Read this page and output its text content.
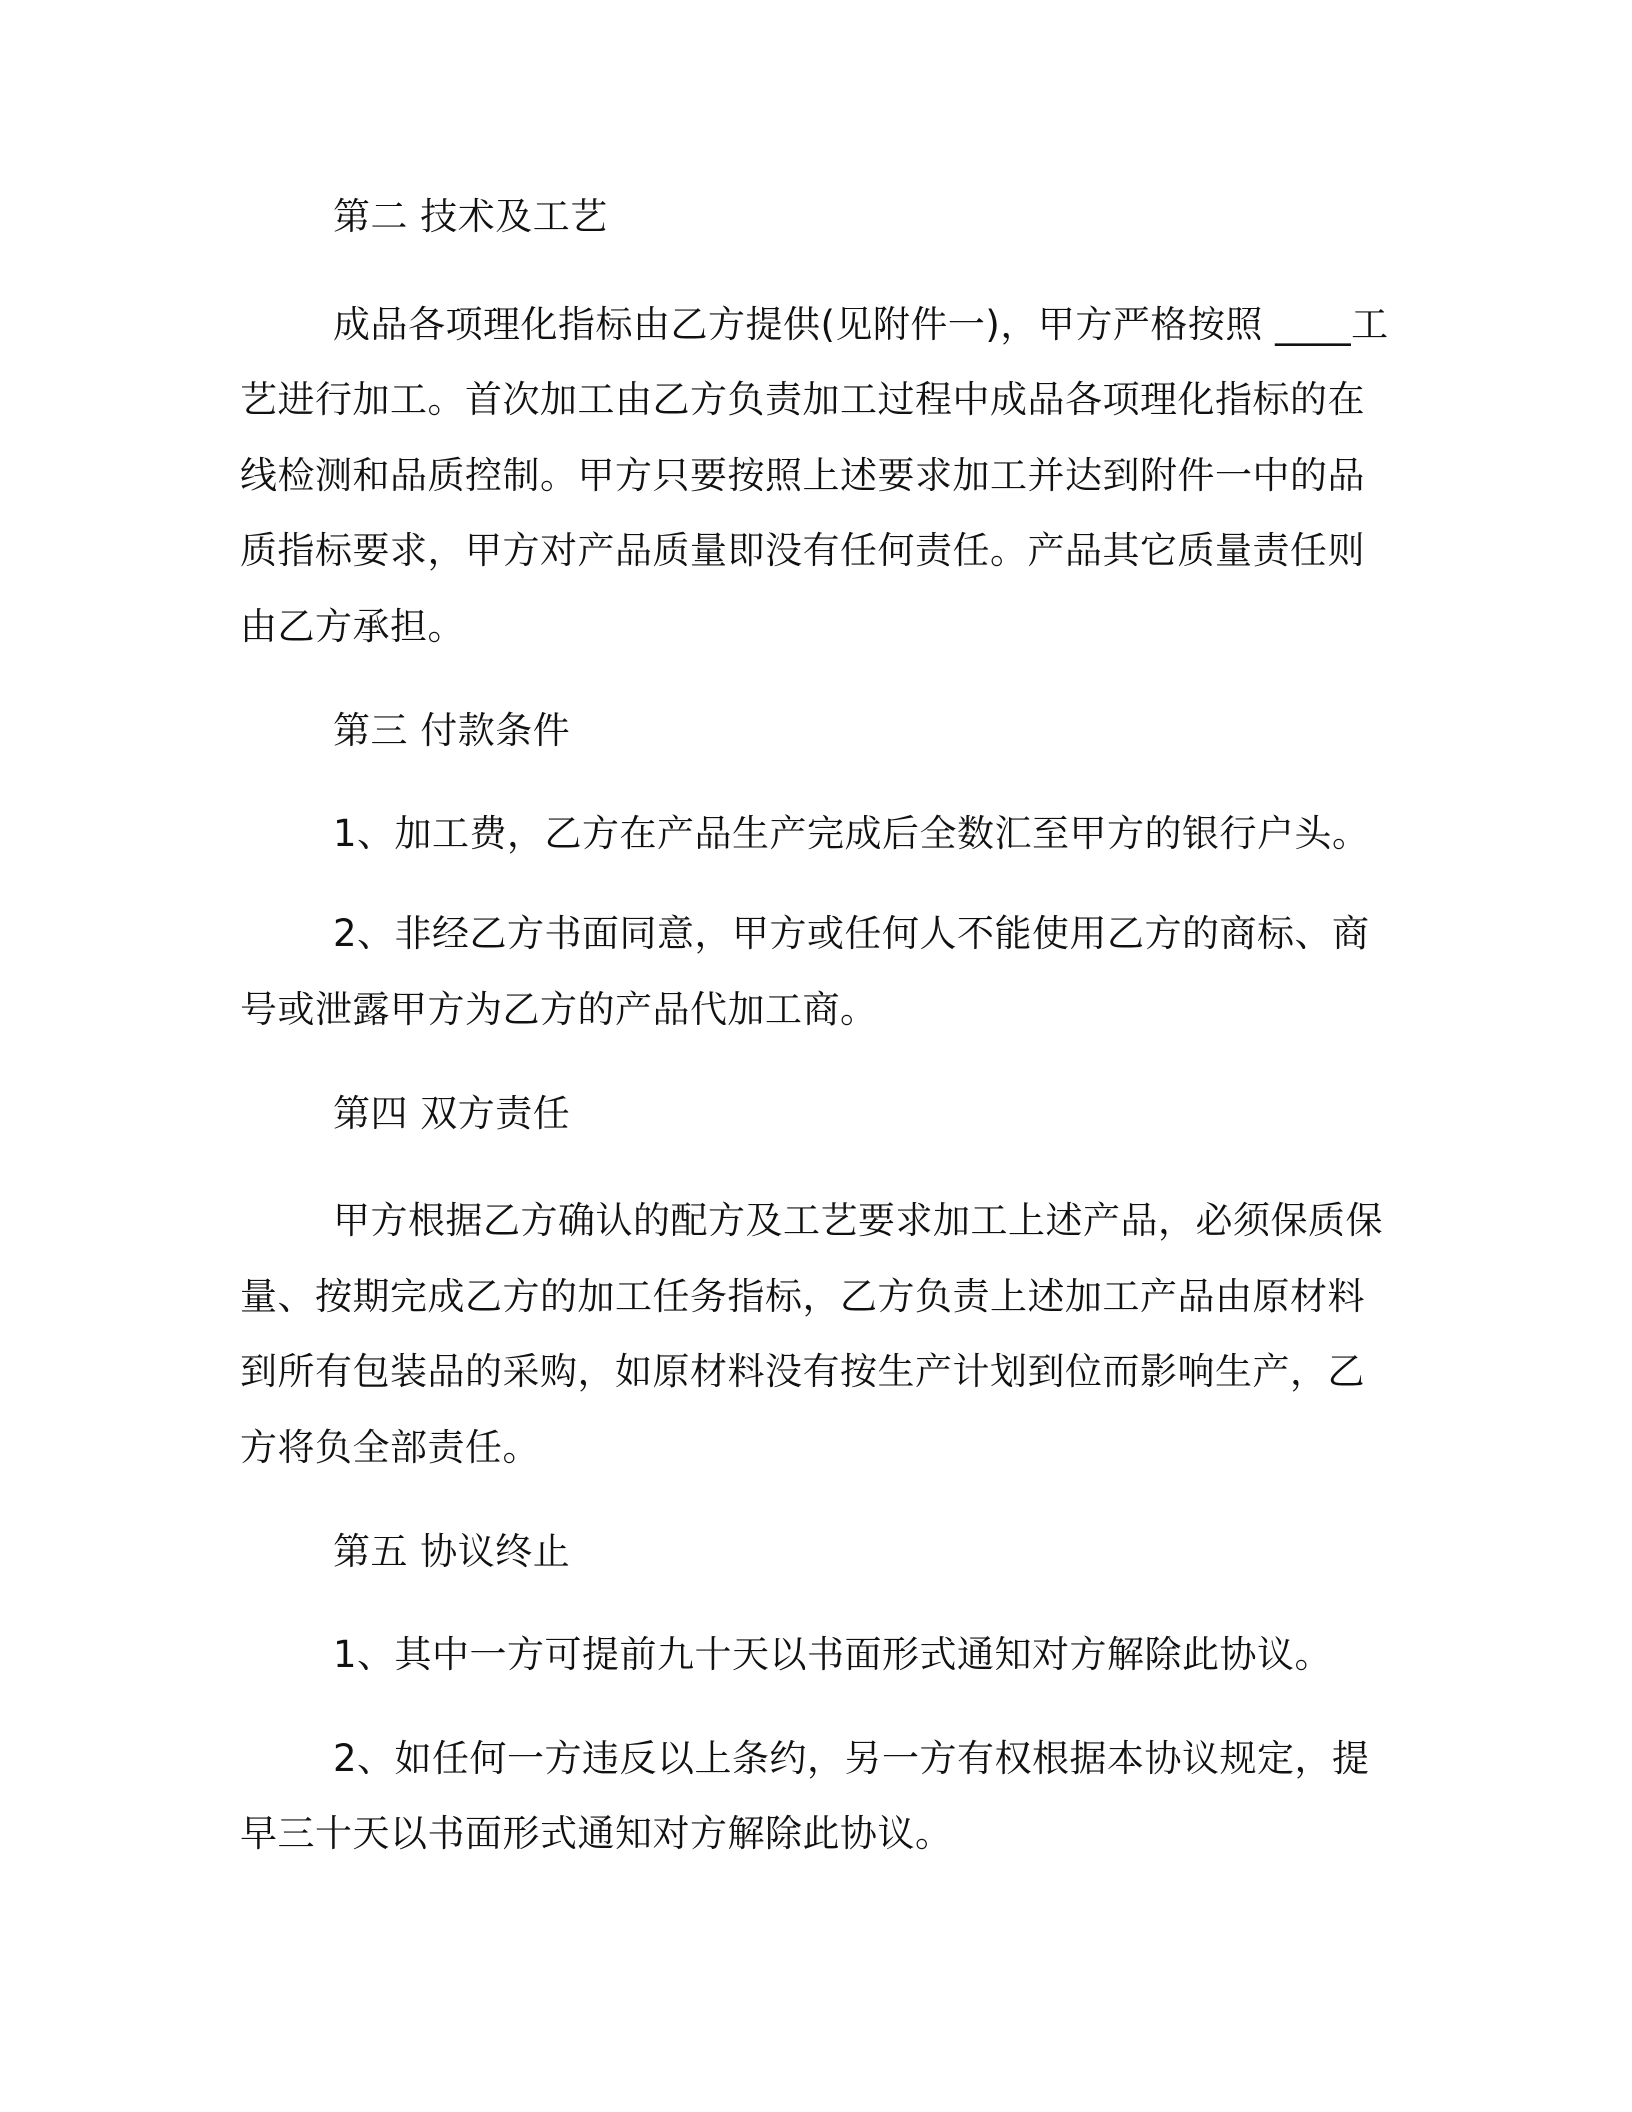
第二 技术及工艺

成品各项理化指标由乙方提供(见附件一)，甲方严格按照 ____工

艺进行加工。首次加工由乙方负责加工过程中成品各项理化指标的在

线检测和品质控制。甲方只要按照上述要求加工并达到附件一中的品

质指标要求，甲方对产品质量即没有任何责任。产品其它质量责任则

由乙方承担。

第三 付款条件

1、加工费，乙方在产品生产完成后全数汇至甲方的银行户头。

2、非经乙方书面同意，甲方或任何人不能使用乙方的商标、商

号或泄露甲方为乙方的产品代加工商。

第四 双方责任

甲方根据乙方确认的配方及工艺要求加工上述产品，必须保质保

量、按期完成乙方的加工任务指标，乙方负责上述加工产品由原材料

到所有包装品的采购，如原材料没有按生产计划到位而影响生产，乙

方将负全部责任。

第五 协议终止

1、其中一方可提前九十天以书面形式通知对方解除此协议。

2、如任何一方违反以上条约，另一方有权根据本协议规定，提

早三十天以书面形式通知对方解除此协议。
